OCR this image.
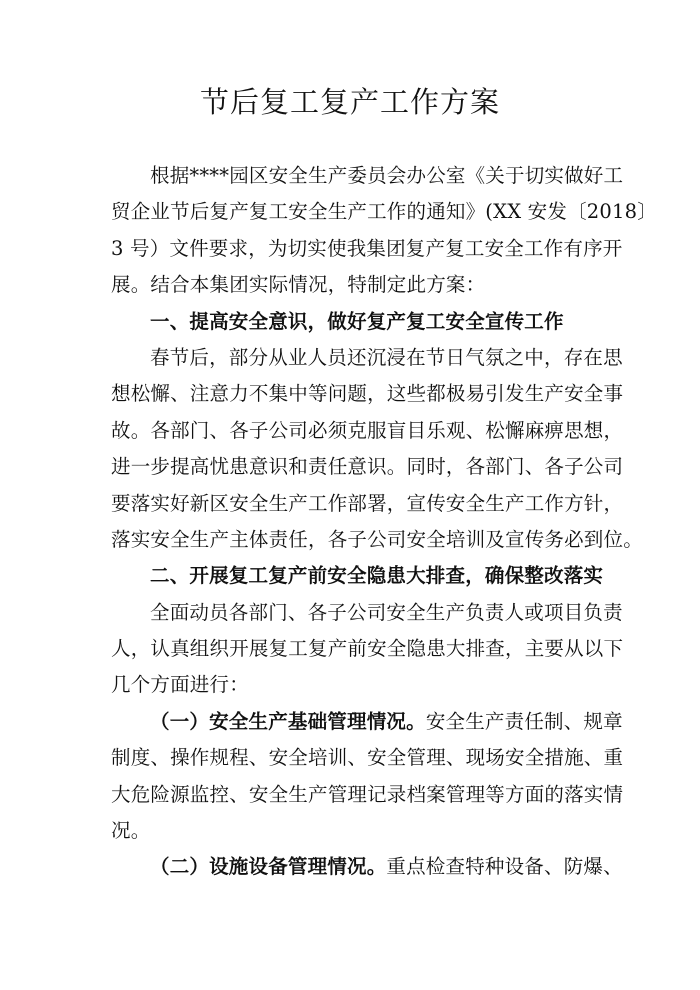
节后复工复产工作方案
根据****园区安全生产委员会办公室《关于切实做好工
贸企业节后复产复工安全生产工作的通知》(XX 安发〔2018〕
3 号）文件要求，为切实使我集团复产复工安全工作有序开
展。结合本集团实际情况，特制定此方案：
一、提高安全意识，做好复产复工安全宣传工作
春节后，部分从业人员还沉浸在节日气氛之中，存在思
想松懈、注意力不集中等问题，这些都极易引发生产安全事
故。各部门、各子公司必须克服盲目乐观、松懈麻痹思想，
进一步提高忧患意识和责任意识。同时，各部门、各子公司
要落实好新区安全生产工作部署，宣传安全生产工作方针，
落实安全生产主体责任，各子公司安全培训及宣传务必到位。
二、开展复工复产前安全隐患大排查，确保整改落实
全面动员各部门、各子公司安全生产负责人或项目负责
人，认真组织开展复工复产前安全隐患大排查，主要从以下
几个方面进行：
（一）安全生产基础管理情况。安全生产责任制、规章
制度、操作规程、安全培训、安全管理、现场安全措施、重
大危险源监控、安全生产管理记录档案管理等方面的落实情
况。
（二）设施设备管理情况。重点检查特种设备、防爆、
